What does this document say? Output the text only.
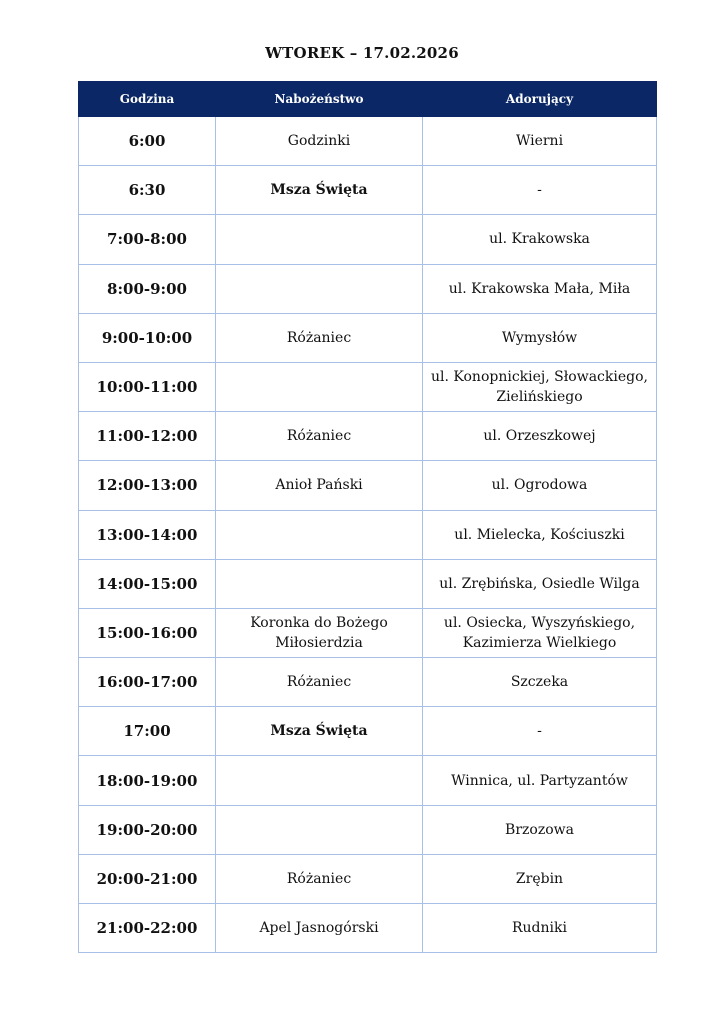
WTOREK – 17.02.2026
Godzina	Nabożeństwo	Adorujący
6:00	Godzinki	Wierni
6:30	Msza Święta	-
7:00-8:00		ul. Krakowska
8:00-9:00		ul. Krakowska Mała, Miła
9:00-10:00	Różaniec	Wymysłów
10:00-11:00		ul. Konopnickiej, Słowackiego, Zielińskiego
11:00-12:00	Różaniec	ul. Orzeszkowej
12:00-13:00	Anioł Pański	ul. Ogrodowa
13:00-14:00		ul. Mielecka, Kościuszki
14:00-15:00		ul. Zrębińska, Osiedle Wilga
15:00-16:00	Koronka do Bożego Miłosierdzia	ul. Osiecka, Wyszyńskiego, Kazimierza Wielkiego
16:00-17:00	Różaniec	Szczeka
17:00	Msza Święta	-
18:00-19:00		Winnica, ul. Partyzantów
19:00-20:00		Brzozowa
20:00-21:00	Różaniec	Zrębin
21:00-22:00	Apel Jasnogórski	Rudniki
